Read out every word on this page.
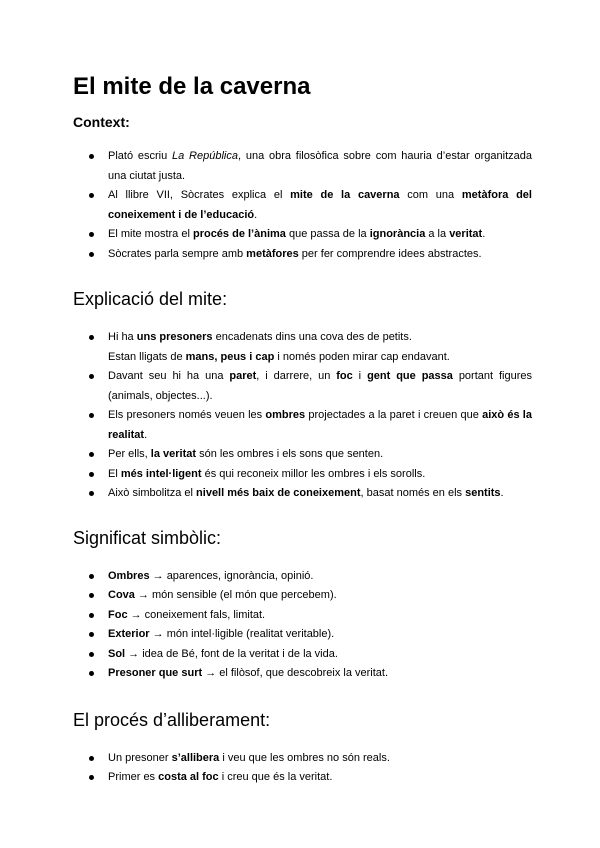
El mite de la caverna
Context:
Plató escriu La República, una obra filosòfica sobre com hauria d’estar organitzada una ciutat justa.
Al llibre VII, Sòcrates explica el mite de la caverna com una metàfora del coneixement i de l’educació.
El mite mostra el procés de l’ànima que passa de la ignorància a la veritat.
Sòcrates parla sempre amb metàfores per fer comprendre idees abstractes.
Explicació del mite:
Hi ha uns presoners encadenats dins una cova des de petits.
Estan lligats de mans, peus i cap i només poden mirar cap endavant.
Davant seu hi ha una paret, i darrere, un foc i gent que passa portant figures (animals, objectes...).
Els presoners només veuen les ombres projectades a la paret i creuen que això és la realitat.
Per ells, la veritat són les ombres i els sons que senten.
El més intel·ligent és qui reconeix millor les ombres i els sorolls.
Això simbolitza el nivell més baix de coneixement, basat només en els sentits.
Significat simbòlic:
Ombres → aparences, ignorància, opinió.
Cova → món sensible (el món que percebem).
Foc → coneixement fals, limitat.
Exterior → món intel·ligible (realitat veritable).
Sol → idea de Bé, font de la veritat i de la vida.
Presoner que surt → el filòsof, que descobreix la veritat.
El procés d’alliberament:
Un presoner s’allibera i veu que les ombres no són reals.
Primer es costa al foc i creu que és la veritat.
